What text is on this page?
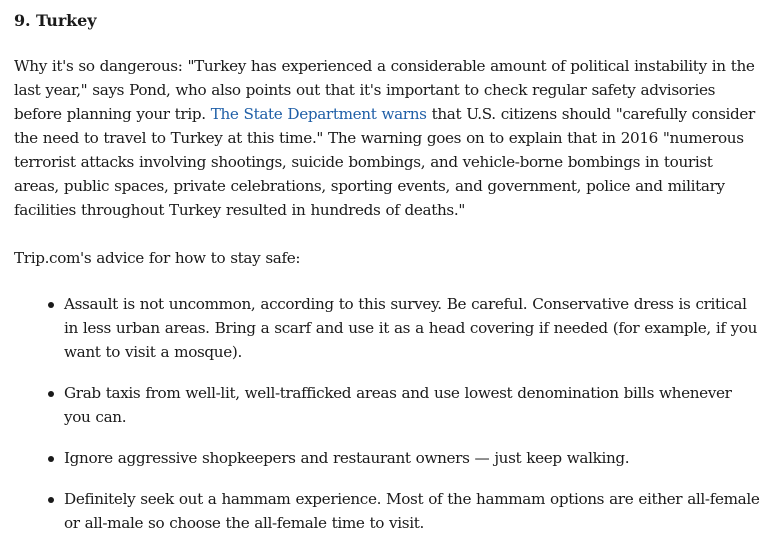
9. Turkey

Why it's so dangerous: "Turkey has experienced a considerable amount of political instability in the last year," says Pond, who also points out that it's important to check regular safety advisories before planning your trip. The State Department warns that U.S. citizens should "carefully consider the need to travel to Turkey at this time." The warning goes on to explain that in 2016 "numerous terrorist attacks involving shootings, suicide bombings, and vehicle-borne bombings in tourist areas, public spaces, private celebrations, sporting events, and government, police and military facilities throughout Turkey resulted in hundreds of deaths."

Trip.com's advice for how to stay safe:

Assault is not uncommon, according to this survey. Be careful. Conservative dress is critical in less urban areas. Bring a scarf and use it as a head covering if needed (for example, if you want to visit a mosque).
Grab taxis from well-lit, well-trafficked areas and use lowest denomination bills whenever you can.
Ignore aggressive shopkeepers and restaurant owners — just keep walking.
Definitely seek out a hammam experience. Most of the hammam options are either all-female or all-male so choose the all-female time to visit.
